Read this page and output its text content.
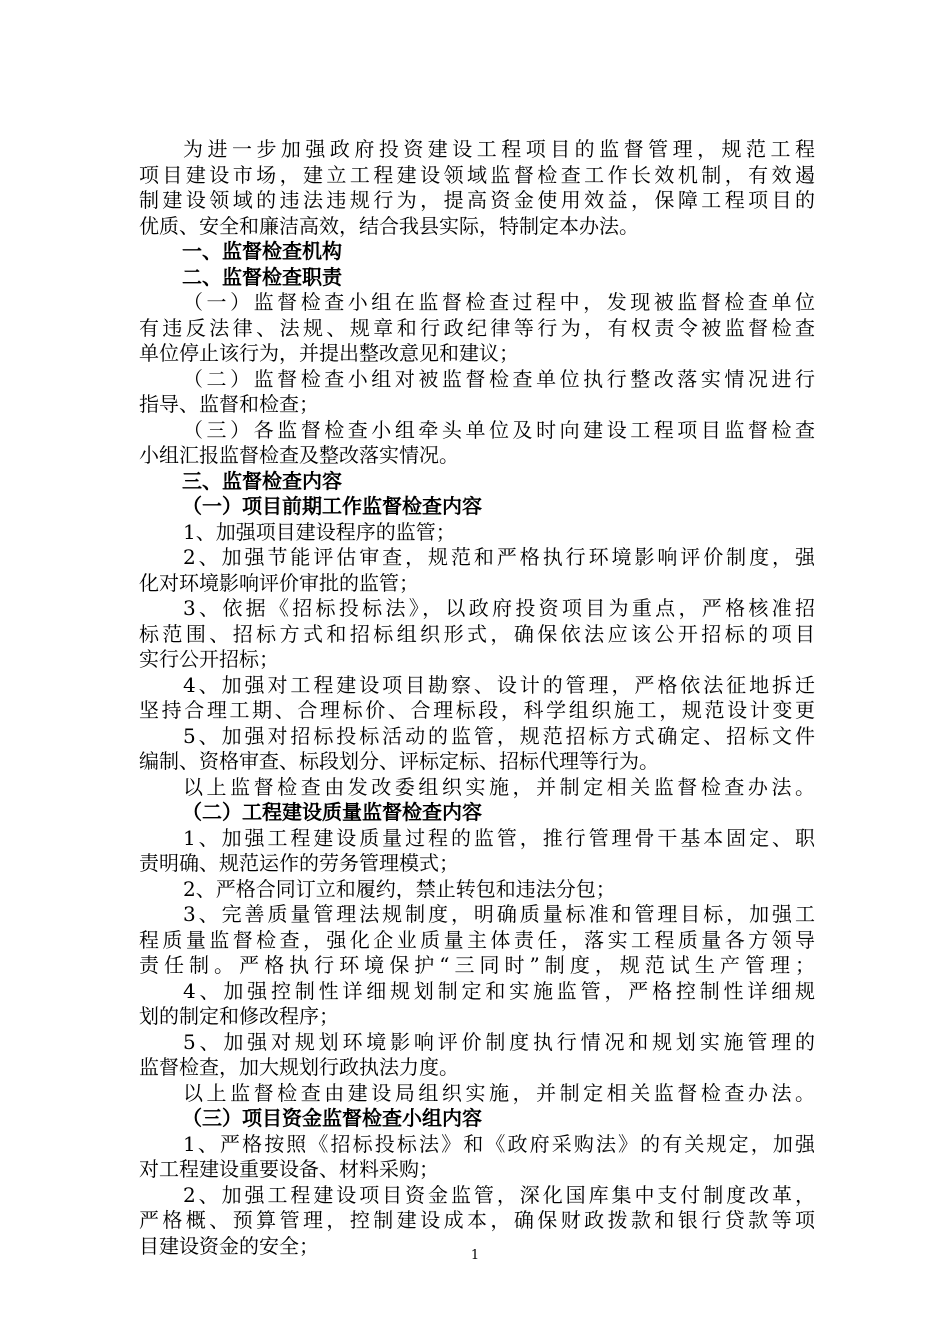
为进一步加强政府投资建设工程项目的监督管理，规范工程
项目建设市场，建立工程建设领域监督检查工作长效机制，有效遏
制建设领域的违法违规行为，提高资金使用效益，保障工程项目的
优质、安全和廉洁高效，结合我县实际，特制定本办法。
一、监督检查机构
二、监督检查职责
（一）监督检查小组在监督检查过程中，发现被监督检查单位
有违反法律、法规、规章和行政纪律等行为，有权责令被监督检查
单位停止该行为，并提出整改意见和建议；
（二）监督检查小组对被监督检查单位执行整改落实情况进行
指导、监督和检查；
（三）各监督检查小组牵头单位及时向建设工程项目监督检查
小组汇报监督检查及整改落实情况。
三、监督检查内容
（一）项目前期工作监督检查内容
1、加强项目建设程序的监管；
2、加强节能评估审查，规范和严格执行环境影响评价制度，强
化对环境影响评价审批的监管；
3、依据《招标投标法》，以政府投资项目为重点，严格核准招
标范围、招标方式和招标组织形式，确保依法应该公开招标的项目
实行公开招标；
4、加强对工程建设项目勘察、设计的管理，严格依法征地拆迁
坚持合理工期、合理标价、合理标段，科学组织施工，规范设计变更
5、加强对招标投标活动的监管，规范招标方式确定、招标文件
编制、资格审查、标段划分、评标定标、招标代理等行为。
以上监督检查由发改委组织实施，并制定相关监督检查办法。
（二）工程建设质量监督检查内容
1、加强工程建设质量过程的监管，推行管理骨干基本固定、职
责明确、规范运作的劳务管理模式；
2、严格合同订立和履约，禁止转包和违法分包；
3、完善质量管理法规制度，明确质量标准和管理目标，加强工
程质量监督检查，强化企业质量主体责任，落实工程质量各方领导
责任制。严格执行环境保护“三同时”制度，规范试生产管理；
4、加强控制性详细规划制定和实施监管，严格控制性详细规
划的制定和修改程序；
5、加强对规划环境影响评价制度执行情况和规划实施管理的
监督检查，加大规划行政执法力度。
以上监督检查由建设局组织实施，并制定相关监督检查办法。
（三）项目资金监督检查小组内容
1、严格按照《招标投标法》和《政府采购法》的有关规定，加强
对工程建设重要设备、材料采购；
2、加强工程建设项目资金监管，深化国库集中支付制度改革，
严格概、预算管理，控制建设成本，确保财政拨款和银行贷款等项
目建设资金的安全；	1
